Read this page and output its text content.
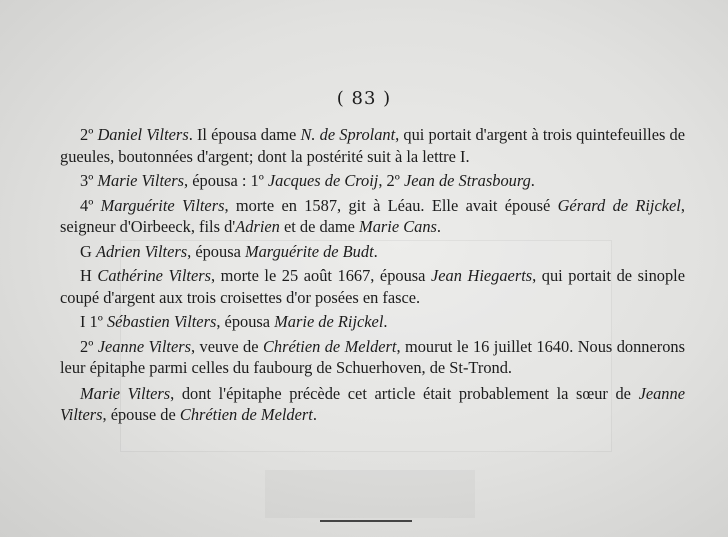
( 83 )

2º Daniel Vilters. Il épousa dame N. de Sprolant, qui portait d'argent à trois quintefeuilles de gueules, boutonnées d'argent; dont la postérité suit à la lettre I.

3º Marie Vilters, épousa : 1º Jacques de Croij, 2º Jean de Strasbourg.

4º Marguérite Vilters, morte en 1587, git à Léau. Elle avait épousé Gérard de Rijckel, seigneur d'Oirbeeck, fils d'Adrien et de dame Marie Cans.

G Adrien Vilters, épousa Marguérite de Budt.

H Cathérine Vilters, morte le 25 août 1667, épousa Jean Hiegaerts, qui portait de sinople coupé d'argent aux trois croisettes d'or posées en fasce.

I 1º Sébastien Vilters, épousa Marie de Rijckel.

2º Jeanne Vilters, veuve de Chrétien de Meldert, mourut le 16 juillet 1640. Nous donnerons leur épitaphe parmi celles du faubourg de Schuerhoven, de St-Trond.

Marie Vilters, dont l'épitaphe précède cet article était probablement la sœur de Jeanne Vilters, épouse de Chrétien de Meldert.
